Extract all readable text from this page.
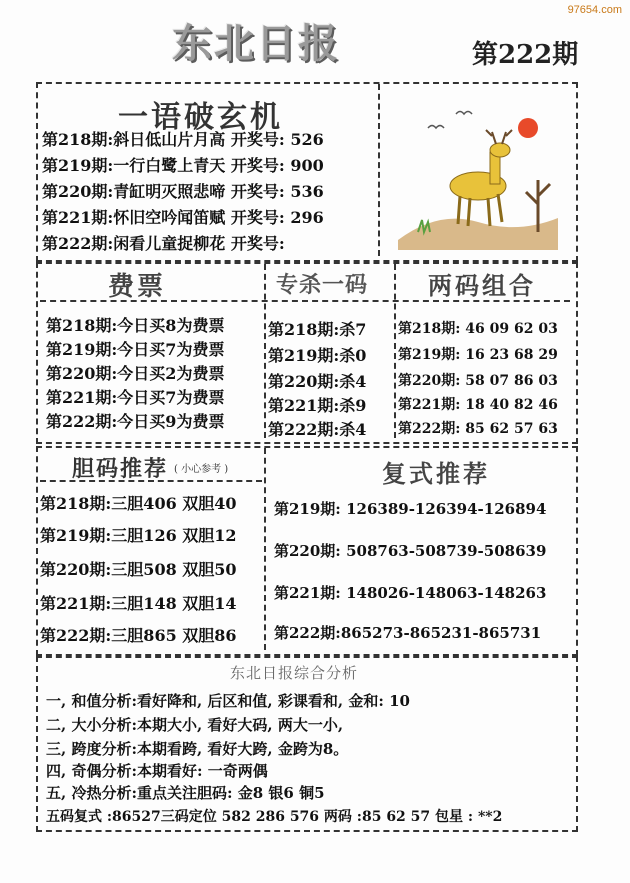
97654.com
东北日报	第222期
一语破玄机
第218期:斜日低山片月高 开奖号: 526
第219期:一行白鹭上青天 开奖号: 900
第220期:青缸明灭照悲啼 开奖号: 536
第221期:怀旧空吟闻笛赋 开奖号: 296
第222期:闲看儿童捉柳花 开奖号:
费票
第218期:今日买8为费票
第219期:今日买7为费票
第220期:今日买2为费票
第221期:今日买7为费票
第222期:今日买9为费票
专杀一码
第218期:杀7
第219期:杀0
第220期:杀4
第221期:杀9
第222期:杀4
两码组合
第218期: 46 09 62 03
第219期: 16 23 68 29
第220期: 58 07 86 03
第221期: 18 40 82 46
第222期: 85 62 57 63
胆码推荐 ( 小心参考 )
第218期:三胆406 双胆40
第219期:三胆126 双胆12
第220期:三胆508 双胆50
第221期:三胆148 双胆14
第222期:三胆865 双胆86
复式推荐
第219期: 126389-126394-126894
第220期: 508763-508739-508639
第221期: 148026-148063-148263
第222期:865273-865231-865731
东北日报综合分析
一, 和值分析:看好降和, 后区和值, 彩课看和, 金和: 10
二, 大小分析:本期大小, 看好大码, 两大一小,
三, 跨度分析:本期看跨, 看好大跨, 金跨为8。
四, 奇偶分析:本期看好: 一奇两偶
五, 冷热分析:重点关注胆码: 金8 银6 铜5
五码复式 :86527三码定位 582 286 576 两码 :85 62 57 包星 : **2
